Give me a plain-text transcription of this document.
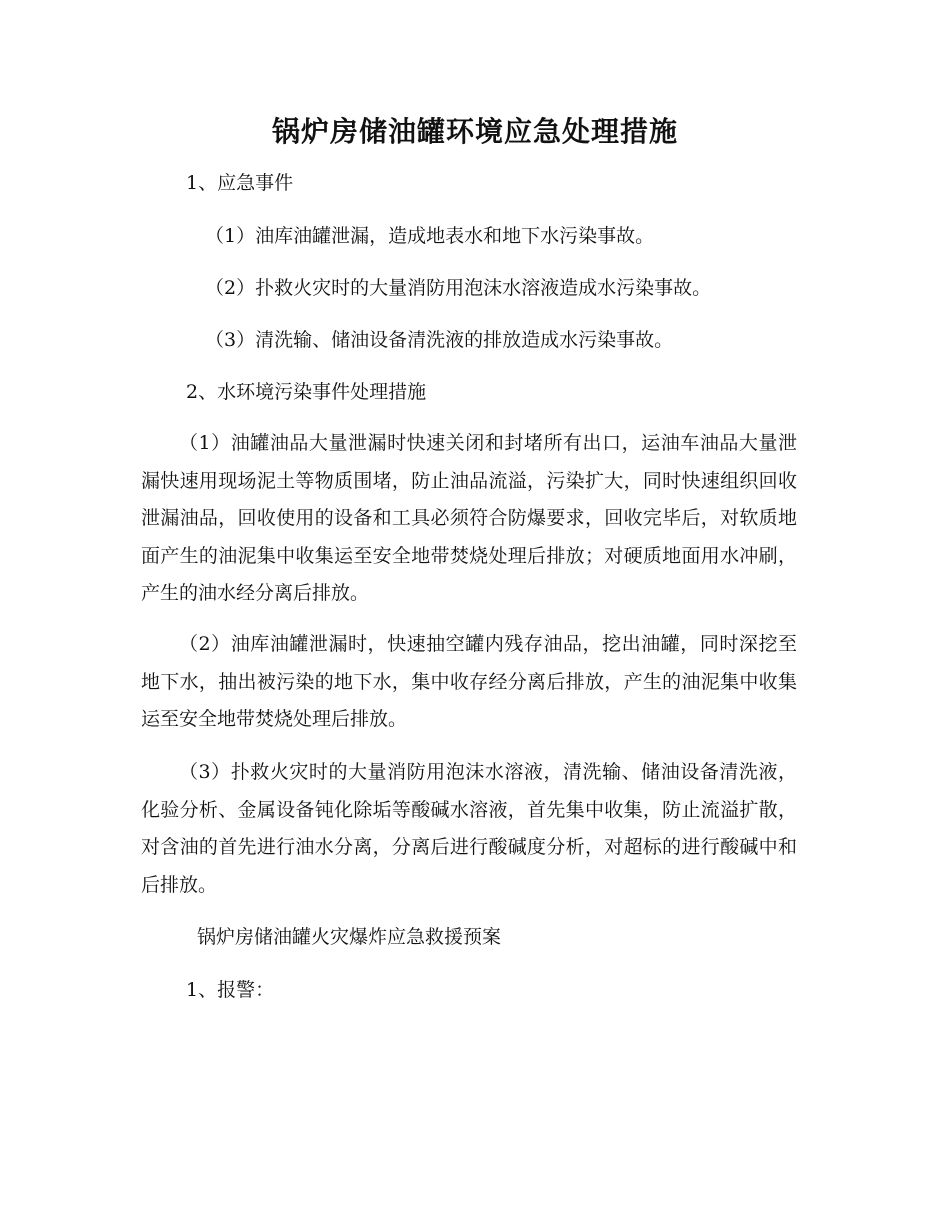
锅炉房储油罐环境应急处理措施
1、应急事件
（1）油库油罐泄漏，造成地表水和地下水污染事故。
（2）扑救火灾时的大量消防用泡沫水溶液造成水污染事故。
（3）清洗输、储油设备清洗液的排放造成水污染事故。
2、水环境污染事件处理措施
（1）油罐油品大量泄漏时快速关闭和封堵所有出口，运油车油品大量泄漏快速用现场泥土等物质围堵，防止油品流溢，污染扩大，同时快速组织回收泄漏油品，回收使用的设备和工具必须符合防爆要求，回收完毕后，对软质地面产生的油泥集中收集运至安全地带焚烧处理后排放；对硬质地面用水冲刷，产生的油水经分离后排放。
（2）油库油罐泄漏时，快速抽空罐内残存油品，挖出油罐，同时深挖至地下水，抽出被污染的地下水，集中收存经分离后排放，产生的油泥集中收集运至安全地带焚烧处理后排放。
（3）扑救火灾时的大量消防用泡沫水溶液，清洗输、储油设备清洗液，化验分析、金属设备钝化除垢等酸碱水溶液，首先集中收集，防止流溢扩散，对含油的首先进行油水分离，分离后进行酸碱度分析，对超标的进行酸碱中和后排放。
锅炉房储油罐火灾爆炸应急救援预案
1、报警：
